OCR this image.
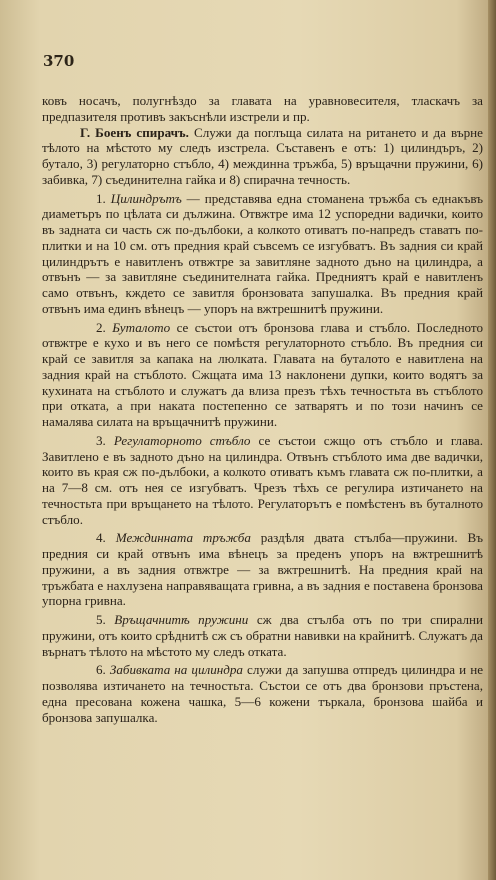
370

ковъ носачъ, полугнѣздо за главата на уравновесителя, тласкачъ за предпазителя противъ закъснѣли изстрели и пр.

Г. Боенъ спирачъ. Служи да поглъща силата на ритането и да върне тѣлото на мѣстото му следъ изстрела. Съставенъ е отъ: 1) цилиндъръ, 2) бутало, 3) регулаторно стъбло, 4) междинна тръжба, 5) връщачни пружини, 6) забивка, 7) съединителна гайка и 8) спирачна течность.

1. Цилиндрътъ — представява една стоманена тръжба съ еднакъвъ диаметъръ по цѣлата си дължина. Отвжтре има 12 успоредни вадички, които въ задната си часть сж по-дълбоки, а колкото отиватъ по-напредъ ставатъ по-плитки и на 10 см. отъ предния край съвсемъ се изгубватъ. Въ задния си край цилиндрътъ е навитленъ отвжтре за завитляне задното дъно на цилиндра, а отвънъ — за завитляне съединителната гайка. Предниятъ край е навитленъ само отвънъ, кждето се завитля бронзовата запушалка. Въ предния край отвънъ има единъ вѣнецъ — упоръ на вжтрешнитѣ пружини.

2. Буталото се състои отъ бронзова глава и стъбло. Последното отвжтре е кухо и въ него се помѣстя регулаторното стъбло. Въ предния си край се завитля за капака на люлката. Главата на буталото е навитлена на задния край на стъблото. Сжщата има 13 наклонени дупки, които водятъ за кухината на стъблото и служатъ да влиза презъ тѣхъ течностьта въ стъблото при отката, а при наката постепенно се затварятъ и по този начинъ се намалява силата на връщачнитѣ пружини.

3. Регулаторното стъбло се състои сжщо отъ стъбло и глава. Завитлено е въ задното дъно на цилиндра. Отвънъ стъблото има две вадички, които въ края сж по-дълбоки, а колкото отиватъ къмъ главата сж по-плитки, а на 7—8 см. отъ нея се изгубватъ. Чрезъ тѣхъ се регулира изтичането на течностьта при връщането на тѣлото. Регулаторътъ е помѣстенъ въ буталното стъбло.

4. Междинната тръжба раздѣля двата стълба—пружини. Въ предния си край отвънъ има вѣнецъ за преденъ упоръ на вжтрешнитѣ пружини, а въ задния отвжтре — за вжтрешнитѣ. На предния край на тръжбата е нахлузена направяващата гривна, а въ задния е поставена бронзова упорна гривна.

5. Връщачнитѣ пружини сж два стълба отъ по три спирални пружини, отъ които срѣднитѣ сж съ обратни навивки на крайнитѣ. Служатъ да върнатъ тѣлото на мѣстото му следъ отката.

6. Забивката на цилиндра служи да запушва отпредъ цилиндра и не позволява изтичането на течностьта. Състои се отъ два бронзови пръстена, една пресована кожена чашка, 5—6 кожени търкала, бронзова шайба и бронзова запушалка.
